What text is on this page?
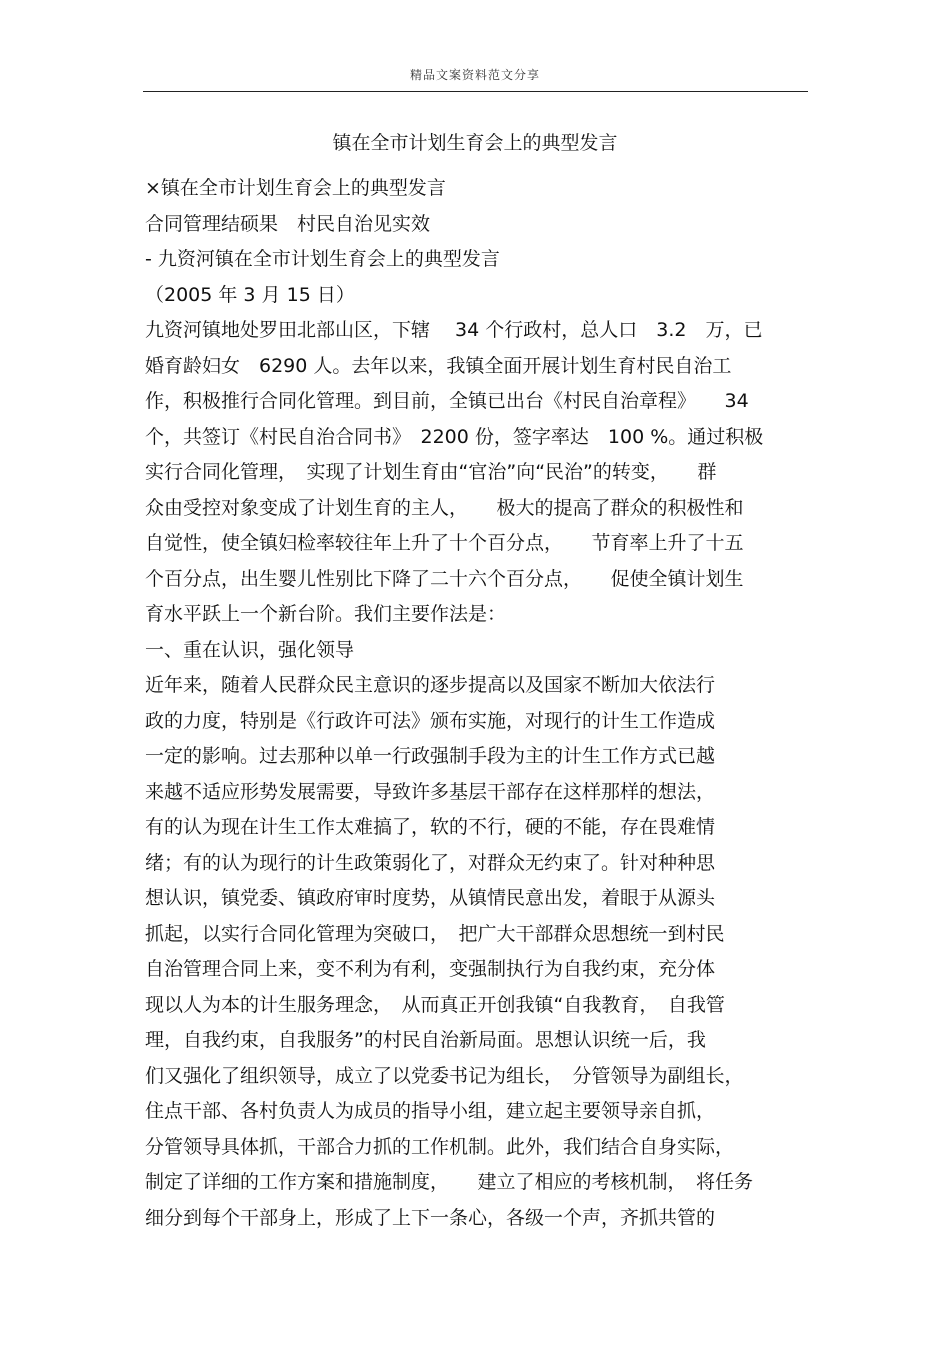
精品文案资料范文分享
镇在全市计划生育会上的典型发言
×镇在全市计划生育会上的典型发言
合同管理结硕果　村民自治见实效
- 九资河镇在全市计划生育会上的典型发言
（2005 年 3 月 15 日）
九资河镇地处罗田北部山区，下辖　 34 个行政村，总人口　3.2　万，已
婚育龄妇女　6290 人。去年以来，我镇全面开展计划生育村民自治工
作，积极推行合同化管理。到目前，全镇已出台《村民自治章程》　　34
个，共签订《村民自治合同书》　2200 份，签字率达　100 %。通过积极
实行合同化管理，　实现了计划生育由“官治”向“民治”的转变，　　群
众由受控对象变成了计划生育的主人，　　极大的提高了群众的积极性和
自觉性，使全镇妇检率较往年上升了十个百分点，　　节育率上升了十五
个百分点，出生婴儿性别比下降了二十六个百分点，　　促使全镇计划生
育水平跃上一个新台阶。我们主要作法是：
一、重在认识，强化领导
近年来，随着人民群众民主意识的逐步提高以及国家不断加大依法行
政的力度，特别是《行政许可法》颁布实施，对现行的计生工作造成
一定的影响。过去那种以单一行政强制手段为主的计生工作方式已越
来越不适应形势发展需要，导致许多基层干部存在这样那样的想法，
有的认为现在计生工作太难搞了，软的不行，硬的不能，存在畏难情
绪；有的认为现行的计生政策弱化了，对群众无约束了。针对种种思
想认识，镇党委、镇政府审时度势，从镇情民意出发，着眼于从源头
抓起，以实行合同化管理为突破口，　把广大干部群众思想统一到村民
自治管理合同上来，变不利为有利，变强制执行为自我约束，充分体
现以人为本的计生服务理念，　从而真正开创我镇“自我教育，　自我管
理，自我约束，自我服务”的村民自治新局面。思想认识统一后，我
们又强化了组织领导，成立了以党委书记为组长，　分管领导为副组长，
住点干部、各村负责人为成员的指导小组，建立起主要领导亲自抓，
分管领导具体抓，干部合力抓的工作机制。此外，我们结合自身实际，
制定了详细的工作方案和措施制度，　　建立了相应的考核机制，　将任务
细分到每个干部身上，形成了上下一条心，各级一个声，齐抓共管的
